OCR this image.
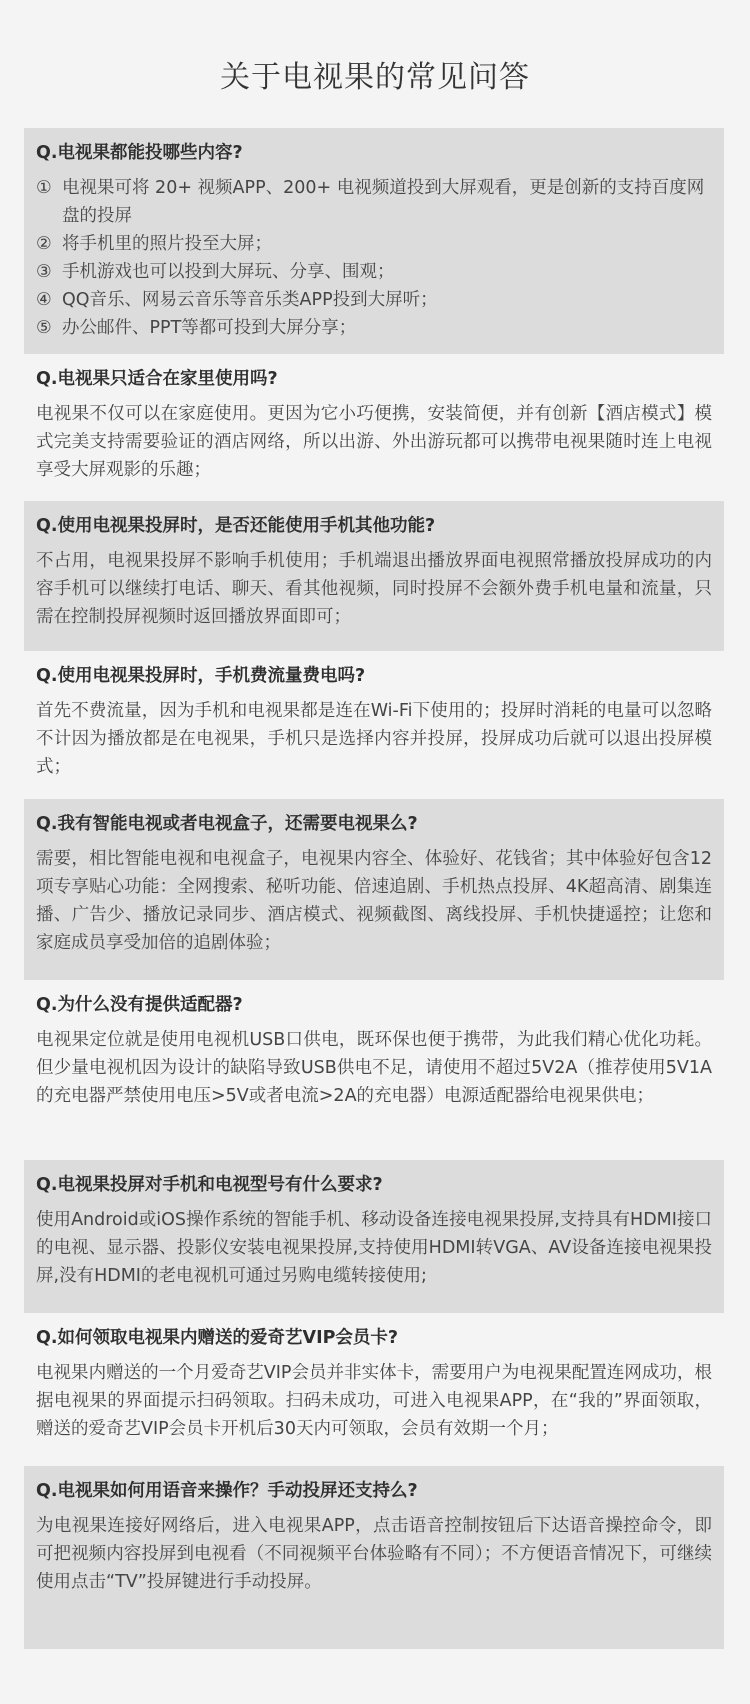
关于电视果的常见问答
Q.电视果都能投哪些内容?
① 电视果可将 20+ 视频APP、200+ 电视频道投到大屏观看，更是创新的支持百度网盘的投屏
② 将手机里的照片投至大屏；
③ 手机游戏也可以投到大屏玩、分享、围观；
④ QQ音乐、网易云音乐等音乐类APP投到大屏听；
⑤ 办公邮件、PPT等都可投到大屏分享；
Q.电视果只适合在家里使用吗?

电视果不仅可以在家庭使用。更因为它小巧便携，安装简便，并有创新【酒店模式】模式完美支持需要验证的酒店网络，所以出游、外出游玩都可以携带电视果随时连上电视享受大屏观影的乐趣；

Q.使用电视果投屏时，是否还能使用手机其他功能?

不占用，电视果投屏不影响手机使用；手机端退出播放界面电视照常播放投屏成功的内容手机可以继续打电话、聊天、看其他视频，同时投屏不会额外费手机电量和流量，只需在控制投屏视频时返回播放界面即可；

Q.使用电视果投屏时，手机费流量费电吗?

首先不费流量，因为手机和电视果都是连在Wi-Fi下使用的；投屏时消耗的电量可以忽略不计因为播放都是在电视果，手机只是选择内容并投屏，投屏成功后就可以退出投屏模式；

Q.我有智能电视或者电视盒子，还需要电视果么?

需要，相比智能电视和电视盒子，电视果内容全、体验好、花钱省；其中体验好包含12项专享贴心功能：全网搜索、秘听功能、倍速追剧、手机热点投屏、4K超高清、剧集连播、广告少、播放记录同步、酒店模式、视频截图、离线投屏、手机快捷遥控；让您和家庭成员享受加倍的追剧体验；

Q.为什么没有提供适配器?

电视果定位就是使用电视机USB口供电，既环保也便于携带，为此我们精心优化功耗。但少量电视机因为设计的缺陷导致USB供电不足，请使用不超过5V2A（推荐使用5V1A的充电器严禁使用电压>5V或者电流>2A的充电器）电源适配器给电视果供电；

Q.电视果投屏对手机和电视型号有什么要求?

使用Android或iOS操作系统的智能手机、移动设备连接电视果投屏,支持具有HDMI接口的电视、显示器、投影仪安装电视果投屏,支持使用HDMI转VGA、AV设备连接电视果投屏,没有HDMI的老电视机可通过另购电缆转接使用;

Q.如何领取电视果内赠送的爱奇艺VIP会员卡?

电视果内赠送的一个月爱奇艺VIP会员并非实体卡，需要用户为电视果配置连网成功，根据电视果的界面提示扫码领取。扫码未成功，可进入电视果APP，在“我的”界面领取，赠送的爱奇艺VIP会员卡开机后30天内可领取，会员有效期一个月；

Q.电视果如何用语音来操作？手动投屏还支持么?

为电视果连接好网络后，进入电视果APP，点击语音控制按钮后下达语音操控命令，即可把视频内容投屏到电视看（不同视频平台体验略有不同）；不方便语音情况下，可继续使用点击“TV”投屏键进行手动投屏。
